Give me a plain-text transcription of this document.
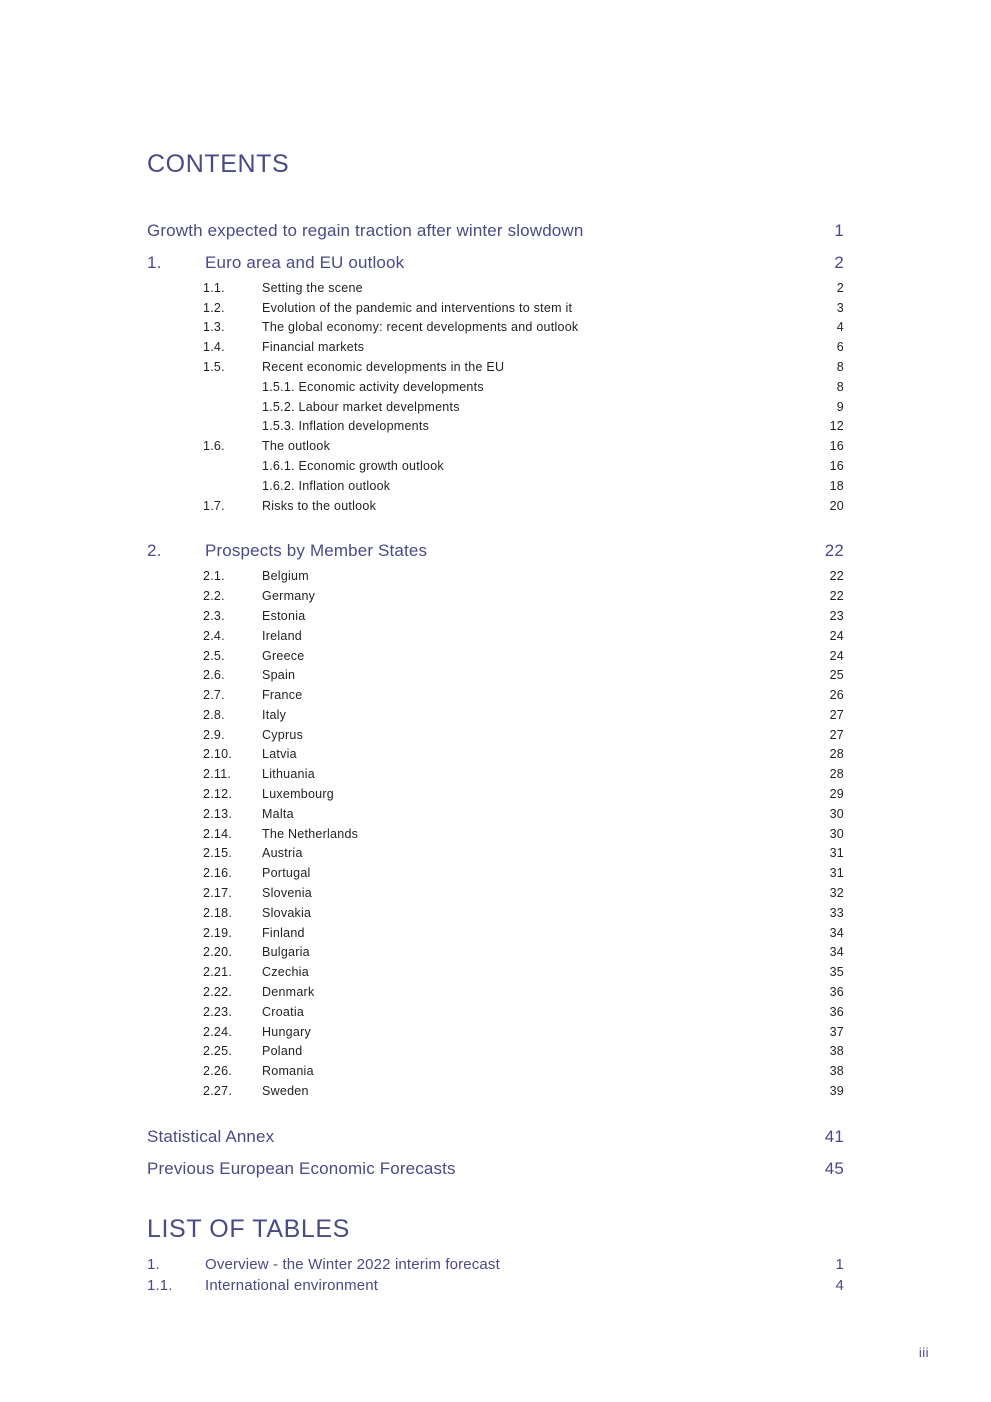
CONTENTS
Growth expected to regain traction after winter slowdown	1
1.	Euro area and EU outlook	2
1.1.	Setting the scene	2
1.2.	Evolution of the pandemic and interventions to stem it	3
1.3.	The global economy: recent developments and outlook	4
1.4.	Financial markets	6
1.5.	Recent economic developments in the EU	8
1.5.1. Economic activity developments	8
1.5.2. Labour market develpments	9
1.5.3. Inflation developments	12
1.6.	The outlook	16
1.6.1. Economic growth outlook	16
1.6.2. Inflation outlook	18
1.7.	Risks to the outlook	20
2.	Prospects by Member States	22
2.1.	Belgium	22
2.2.	Germany	22
2.3.	Estonia	23
2.4.	Ireland	24
2.5.	Greece	24
2.6.	Spain	25
2.7.	France	26
2.8.	Italy	27
2.9.	Cyprus	27
2.10.	Latvia	28
2.11.	Lithuania	28
2.12.	Luxembourg	29
2.13.	Malta	30
2.14.	The Netherlands	30
2.15.	Austria	31
2.16.	Portugal	31
2.17.	Slovenia	32
2.18.	Slovakia	33
2.19.	Finland	34
2.20.	Bulgaria	34
2.21.	Czechia	35
2.22.	Denmark	36
2.23.	Croatia	36
2.24.	Hungary	37
2.25.	Poland	38
2.26.	Romania	38
2.27.	Sweden	39
Statistical Annex	41
Previous European Economic Forecasts	45
LIST OF TABLES
1.	Overview - the Winter 2022 interim forecast	1
1.1.	International environment	4
iii
